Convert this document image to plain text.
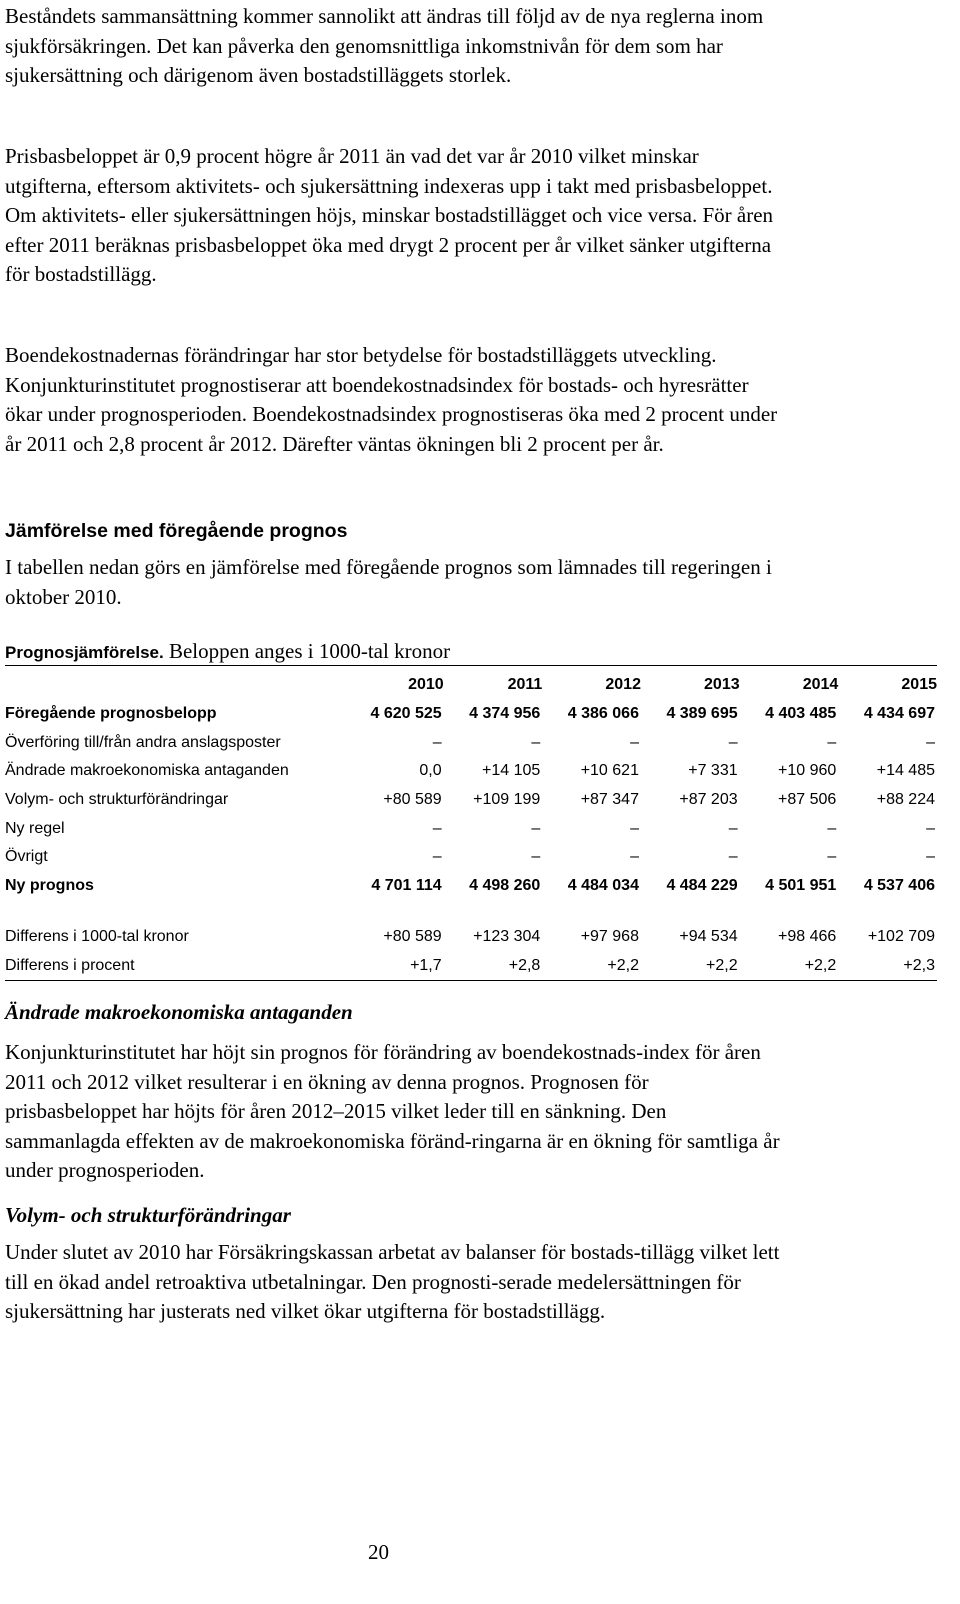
Beståndets sammansättning kommer sannolikt att ändras till följd av de nya reglerna inom sjukförsäkringen. Det kan påverka den genomsnittliga inkomstnivån för dem som har sjukersättning och därigenom även bostadstilläggets storlek.

Prisbasbeloppet är 0,9 procent högre år 2011 än vad det var år 2010 vilket minskar utgifterna, eftersom aktivitets- och sjukersättning indexeras upp i takt med prisbasbeloppet. Om aktivitets- eller sjukersättningen höjs, minskar bostadstillägget och vice versa. För åren efter 2011 beräknas prisbasbeloppet öka med drygt 2 procent per år vilket sänker utgifterna för bostadstillägg.

Boendekostnadernas förändringar har stor betydelse för bostadstilläggets utveckling. Konjunkturinstitutet prognostiserar att boendekostnadsindex för bostads- och hyresrätter ökar under prognosperioden. Boendekostnadsindex prognostiseras öka med 2 procent under år 2011 och 2,8 procent år 2012. Därefter väntas ökningen bli 2 procent per år.

Jämförelse med föregående prognos

I tabellen nedan görs en jämförelse med föregående prognos som lämnades till regeringen i oktober 2010.

Prognosjämförelse. Beloppen anges i 1000-tal kronor

	2010	2011	2012	2013	2014	2015
Föregående prognosbelopp	4 620 525	4 374 956	4 386 066	4 389 695	4 403 485	4 434 697
Överföring till/från andra anslagsposter	–	–	–	–	–	–
Ändrade makroekonomiska antaganden	0,0	+14 105	+10 621	+7 331	+10 960	+14 485
Volym- och strukturförändringar	+80 589	+109 199	+87 347	+87 203	+87 506	+88 224
Ny regel	–	–	–	–	–	–
Övrigt	–	–	–	–	–	–
Ny prognos	4 701 114	4 498 260	4 484 034	4 484 229	4 501 951	4 537 406

Differens i 1000-tal kronor	+80 589	+123 304	+97 968	+94 534	+98 466	+102 709
Differens i procent	+1,7	+2,8	+2,2	+2,2	+2,2	+2,3
Ändrade makroekonomiska antaganden

Konjunkturinstitutet har höjt sin prognos för förändring av boendekostnads-index för åren 2011 och 2012 vilket resulterar i en ökning av denna prognos. Prognosen för prisbasbeloppet har höjts för åren 2012–2015 vilket leder till en sänkning. Den sammanlagda effekten av de makroekonomiska föränd-ringarna är en ökning för samtliga år under prognosperioden.

Volym- och strukturförändringar

Under slutet av 2010 har Försäkringskassan arbetat av balanser för bostads-tillägg vilket lett till en ökad andel retroaktiva utbetalningar. Den prognosti-serade medelersättningen för sjukersättning har justerats ned vilket ökar utgifterna för bostadstillägg.

20
